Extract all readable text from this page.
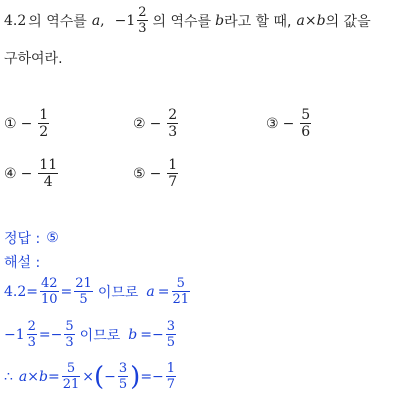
4.2 의 역수를 a , $-1 \frac{2}{3}$ 의 역수를 b 라고 할 때, a × b 의 값을
구하여라.
① − $\frac{1}{2}$	② − $\frac{2}{3}$	③ − $\frac{5}{6}$
④ − $\frac{11}{4}$	⑤ − $\frac{1}{7}$
정답 : ⑤
해설 :
$4.2 = \frac{42}{10} = \frac{21}{5}$ 이므로 $a = \frac{5}{21}$
$-1 \frac{2}{3} =- \frac{5}{3}$ 이므로 $b =- \frac{3}{5}$
∴ $a \times b = \frac{5}{21}$ × ( − $\frac{3}{5}$ ) =− $\frac{1}{7}$
